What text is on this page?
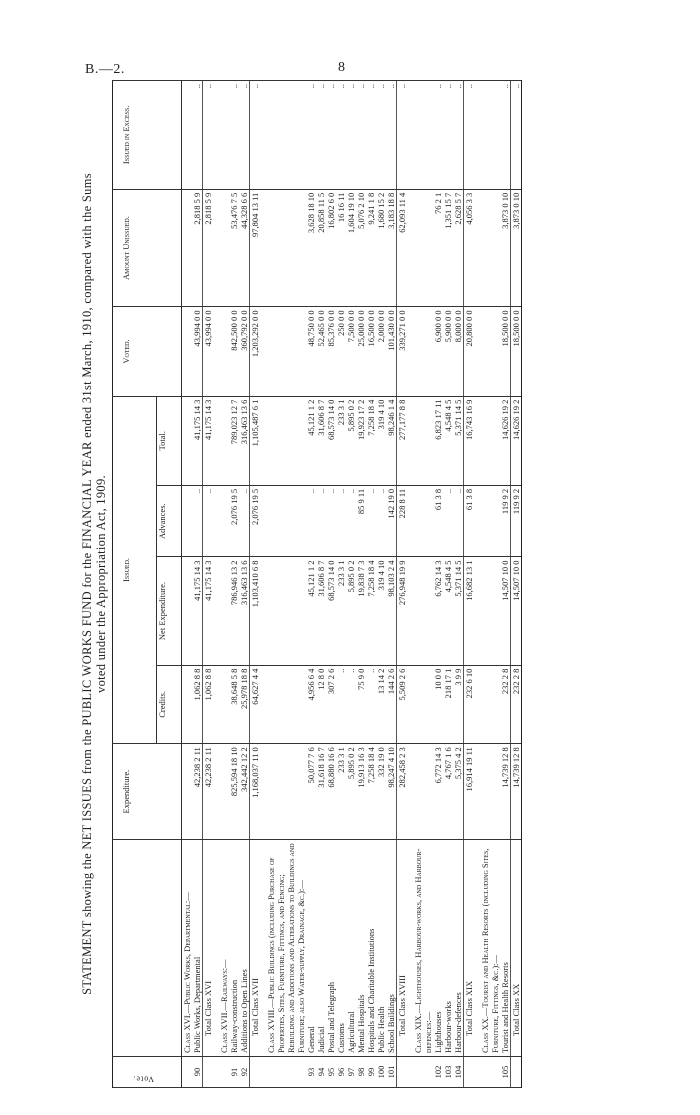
B.—2.	8
STATEMENT showing the NET ISSUES from the PUBLIC WORKS FUND for the FINANCIAL YEAR ended 31st March, 1910, compared with the Sums voted under the Appropriation Act, 1909.
Vote.		Expenditure.	Issued.				Voted.	Amount Unissued.	Issued in Excess.
			Credits.	Net Expenditure.	Advances.	Total.			
	Class XVI.—Public Works, Departmental:—								
90	Public Works, Departmental	42,238 2 11	1,062 8 8	41,175 14 3	..	41,175 14 3	43,994 0 0	2,818 5 9	..
	Total Class XVI	42,238 2 11	1,062 8 8	41,175 14 3	..	41,175 14 3	43,994 0 0	2,818 5 9	..

	Class XVII.—Railways:—								
91	Railway-construction	825,594 18 10	38,648 5 8	786,946 13 2	2,076 19 5	789,023 12 7	842,500 0 0	53,476 7 5	..
92	Additions to Open Lines	342,442 12 2	25,978 18 8	316,463 13 6	..	316,463 13 6	360,792 0 0	44,328 6 6	..
	Total Class XVII	1,168,037 11 0	64,627 4 4	1,103,410 6 8	2,076 19 5	1,105,487 6 1	1,203,292 0 0	97,804 13 11	..

	Class XVIII.—Public Buildings (including Purchase of Properties, Sites, Furniture, Fittings, and Fencing; Rebuilding and Additions and Alterations to Buildings and Furniture; also Water-supply, Drainage, &c.):—								
93	General	50,077 7 6	4,956 6 4	45,121 1 2	..	45,121 1 2	48,750 0 0	3,628 18 10	..
94	Judicial	31,618 16 7	12 8 0	31,606 8 7	..	31,606 8 7	52,465 0 0	20,858 11 5	..
95	Postal and Telegraph	68,880 16 6	307 2 6	68,573 14 0	..	68,573 14 0	85,376 0 0	16,802 6 0	..
96	Customs	233 3 1	..	233 3 1	..	233 3 1	250 0 0	16 16 11	..
97	Agricultural	5,895 0 2	..	5,895 0 2	..	5,895 0 2	7,500 0 0	1,604 19 10	..
98	Mental Hospitals	19,913 16 3	75 9 0	19,838 7 3	85 9 11	19,923 17 2	25,000 0 0	5,076 2 10	..
99	Hospitals and Charitable Institutions	7,258 18 4	..	7,258 18 4	..	7,258 18 4	16,500 0 0	9,241 1 8	..
100	Public Health	332 19 0	13 14 2	319 4 10	..	319 4 10	2,000 0 0	1,680 15 2	..
101	School Buildings	98,247 4 10	144 2 6	98,103 2 4	142 19 0	98,246 1 4	101,430 0 0	3,183 18 8	..
	Total Class XVIII	282,458 2 3	5,509 2 6	276,948 19 9	228 8 11	277,177 8 8	339,271 0 0	62,093 11 4	..

	Class XIX.—Lighthouses, Harbour-works, and Harbour-defences:—								
102	Lighthouses	6,772 14 3	10 0 0	6,762 14 3	61 3 8	6,823 17 11	6,900 0 0	76 2 1	..
103	Harbour-works	4,767 1 6	218 17 1	4,548 4 5	..	4,548 4 5	5,900 0 0	1,351 15 7	..
104	Harbour-defences	5,375 4 2	3 9 9	5,371 14 5	..	5,371 14 5	8,000 0 0	2,628 5 7	..
	Total Class XIX	16,914 19 11	232 6 10	16,682 13 1	61 3 8	16,743 16 9	20,800 0 0	4,056 3 3	..

	Class XX.—Tourist and Health Resorts (including Sites, Furniture, Fittings, &c.):—								
105	Tourist and Health Resorts	14,739 12 8	232 2 8	14,507 10 0	119 9 2	14,626 19 2	18,500 0 0	3,873 0 10	..
	Total Class XX	14,739 12 8	232 2 8	14,507 10 0	119 9 2	14,626 19 2	18,500 0 0	3,873 0 10	..
